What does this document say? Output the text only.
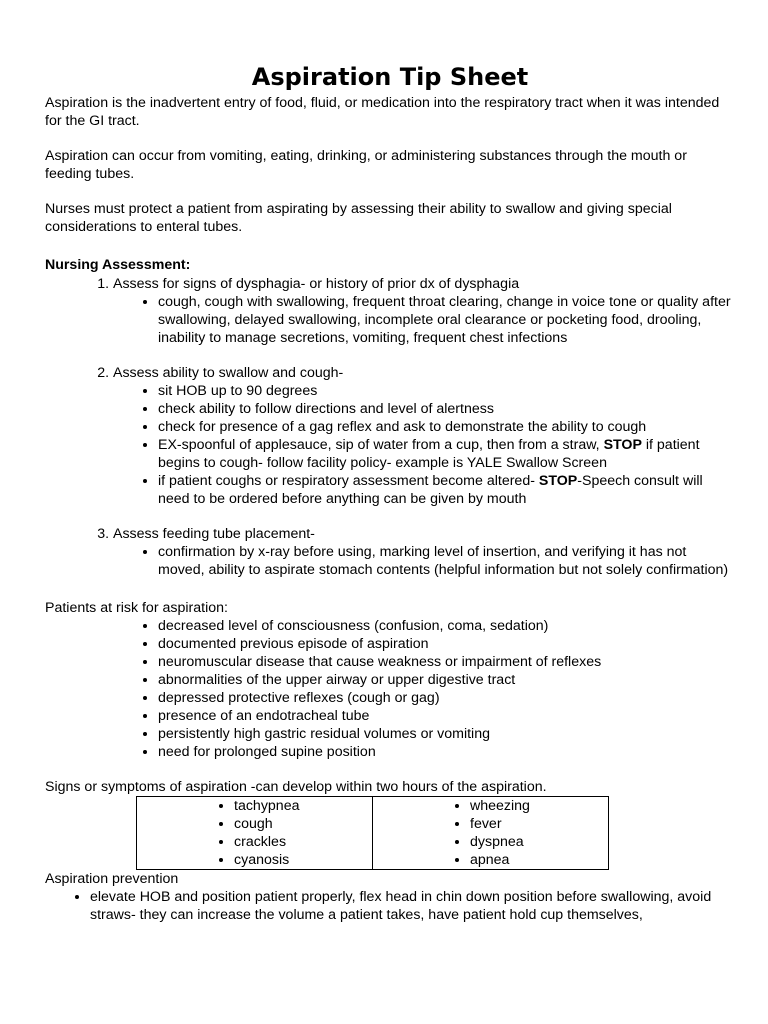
Aspiration Tip Sheet

Aspiration is the inadvertent entry of food, fluid, or medication into the respiratory tract when it was intended for the GI tract.

Aspiration can occur from vomiting, eating, drinking, or administering substances through the mouth or feeding tubes.

Nurses must protect a patient from aspirating by assessing their ability to swallow and giving special considerations to enteral tubes.

Nursing Assessment:

1. Assess for signs of dysphagia- or history of prior dx of dysphagia
• cough, cough with swallowing, frequent throat clearing, change in voice tone or quality after swallowing, delayed swallowing, incomplete oral clearance or pocketing food, drooling, inability to manage secretions, vomiting, frequent chest infections
2. Assess ability to swallow and cough-
• sit HOB up to 90 degrees
• check ability to follow directions and level of alertness
• check for presence of a gag reflex and ask to demonstrate the ability to cough
• EX-spoonful of applesauce, sip of water from a cup, then from a straw, STOP if patient begins to cough- follow facility policy- example is YALE Swallow Screen
• if patient coughs or respiratory assessment become altered- STOP-Speech consult will need to be ordered before anything can be given by mouth
3. Assess feeding tube placement-
• confirmation by x-ray before using, marking level of insertion, and verifying it has not moved, ability to aspirate stomach contents (helpful information but not solely confirmation)

Patients at risk for aspiration:

• decreased level of consciousness (confusion, coma, sedation)
• documented previous episode of aspiration
• neuromuscular disease that cause weakness or impairment of reflexes
• abnormalities of the upper airway or upper digestive tract
• depressed protective reflexes (cough or gag)
• presence of an endotracheal tube
• persistently high gastric residual volumes or vomiting
• need for prolonged supine position

Signs or symptoms of aspiration -can develop within two hours of the aspiration.

• tachypnea
• cough
• crackles
• cyanosis

• wheezing
• fever
• dyspnea
• apnea

Aspiration prevention

• elevate HOB and position patient properly, flex head in chin down position before swallowing, avoid straws- they can increase the volume a patient takes, have patient hold cup themselves,
